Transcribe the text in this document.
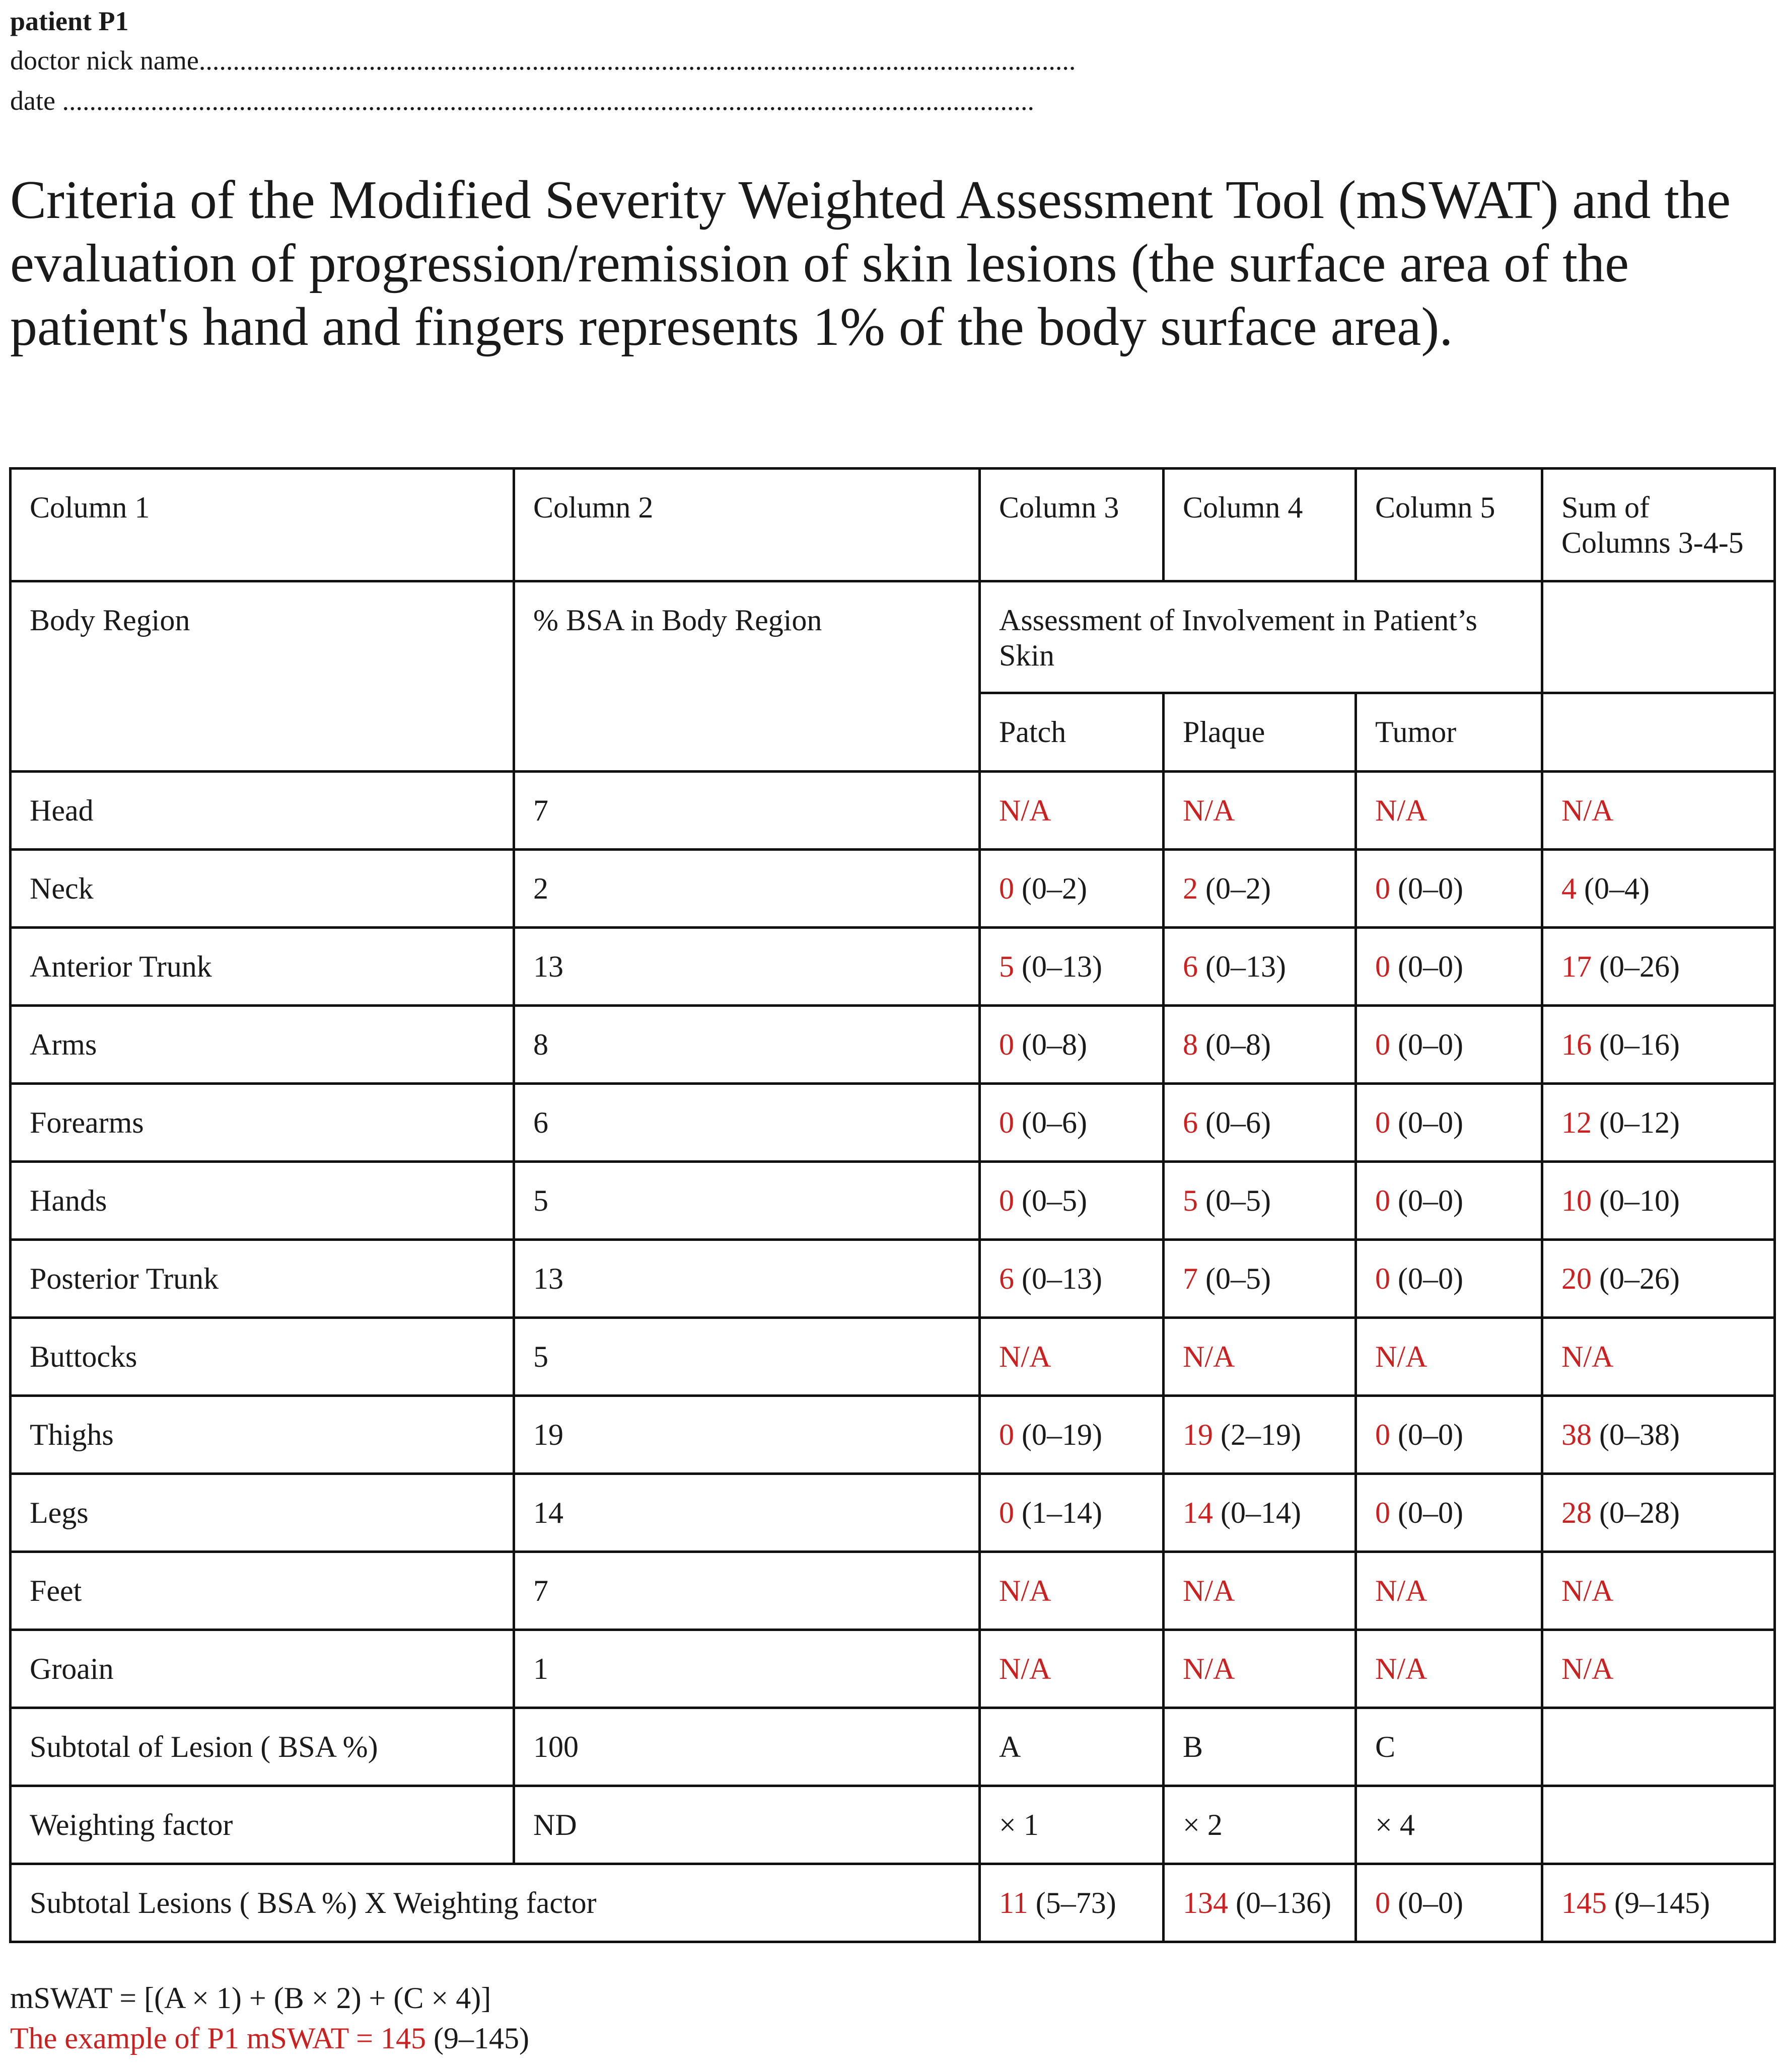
patient P1
doctor nick name.................................................................................................................................
date ...............................................................................................................................................
Criteria of the Modified Severity Weighted Assessment Tool (mSWAT) and the evaluation of progression/remission of skin lesions (the surface area of the patient's hand and fingers represents 1% of the body surface area).
Column 1	Column 2	Column 3	Column 4	Column 5	Sum of Columns 3-4-5
Body Region	% BSA in Body Region	Assessment of Involvement in Patient’s Skin			
		Patch	Plaque	Tumor	
Head	7	N/A	N/A	N/A	N/A
Neck	2	0 (0–2)	2 (0–2)	0 (0–0)	4 (0–4)
Anterior Trunk	13	5 (0–13)	6 (0–13)	0 (0–0)	17 (0–26)
Arms	8	0 (0–8)	8 (0–8)	0 (0–0)	16 (0–16)
Forearms	6	0 (0–6)	6 (0–6)	0 (0–0)	12 (0–12)
Hands	5	0 (0–5)	5 (0–5)	0 (0–0)	10 (0–10)
Posterior Trunk	13	6 (0–13)	7 (0–5)	0 (0–0)	20 (0–26)
Buttocks	5	N/A	N/A	N/A	N/A
Thighs	19	0 (0–19)	19 (2–19)	0 (0–0)	38 (0–38)
Legs	14	0 (1–14)	14 (0–14)	0 (0–0)	28 (0–28)
Feet	7	N/A	N/A	N/A	N/A
Groain	1	N/A	N/A	N/A	N/A
Subtotal of Lesion ( BSA %)	100	A	B	C	
Weighting factor	ND	× 1	× 2	× 4	
Subtotal Lesions ( BSA %) X Weighting factor		11 (5–73)	134 (0–136)	0 (0–0)	145 (9–145)
mSWAT = [(A × 1) + (B × 2) + (C × 4)]
The example of P1 mSWAT = 145 (9–145)
